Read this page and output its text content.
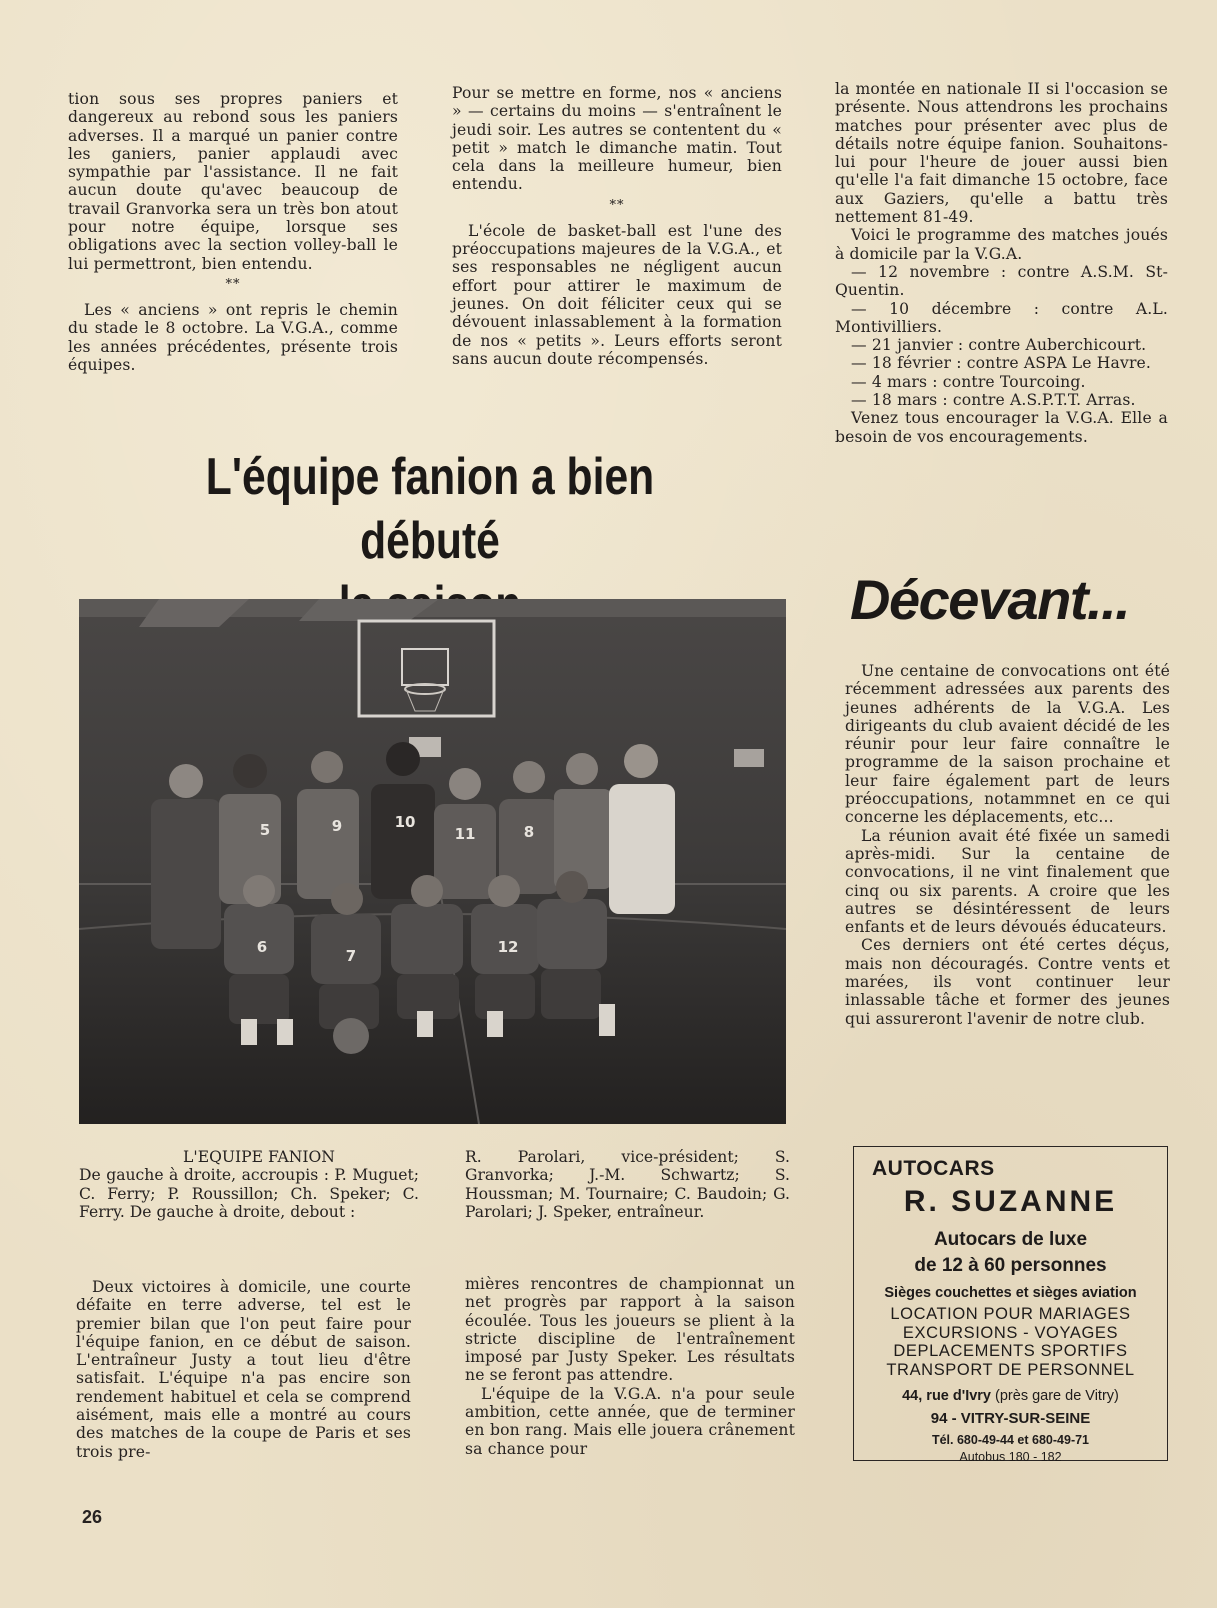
tion sous ses propres paniers et dangereux au rebond sous les paniers adverses. Il a marqué un panier contre les ganiers, panier applaudi avec sympathie par l'assistance. Il ne fait aucun doute qu'avec beaucoup de travail Granvorka sera un très bon atout pour notre équipe, lorsque ses obligations avec la section volley-ball le lui permettront, bien entendu.

**

Les « anciens » ont repris le chemin du stade le 8 octobre. La V.G.A., comme les années précédentes, présente trois équipes.

Pour se mettre en forme, nos « anciens » — certains du moins — s'entraînent le jeudi soir. Les autres se contentent du « petit » match le dimanche matin. Tout cela dans la meilleure humeur, bien entendu.

**

L'école de basket-ball est l'une des préoccupations majeures de la V.G.A., et ses responsables ne négligent aucun effort pour attirer le maximum de jeunes. On doit féliciter ceux qui se dévouent inlassablement à la formation de nos « petits ». Leurs efforts seront sans aucun doute récompensés.

la montée en nationale II si l'occasion se présente. Nous attendrons les prochains matches pour présenter avec plus de détails notre équipe fanion. Souhaitons-lui pour l'heure de jouer aussi bien qu'elle l'a fait dimanche 15 octobre, face aux Gaziers, qu'elle a battu très nettement 81-49.

Voici le programme des matches joués à domicile par la V.G.A.

— 12 novembre : contre A.S.M. St-Quentin.

— 10 décembre : contre A.L. Montivilliers.

— 21 janvier : contre Auberchicourt.

— 18 février : contre ASPA Le Havre.

— 4 mars : contre Tourcoing.

— 18 mars : contre A.S.P.T.T. Arras.

Venez tous encourager la V.G.A. Elle a besoin de vos encouragements.

L'équipe fanion a bien débuté
5	9	10
11	8
6	7	12
L'EQUIPE FANION
De gauche à droite, accroupis : P. Muguet; C. Ferry; P. Roussillon; Ch. Speker; C. Ferry. De gauche à droite, debout :
R. Parolari, vice-président; S. Granvorka; J.-M. Schwartz; S. Houssman; M. Tournaire; C. Baudoin; G. Parolari; J. Speker, entraîneur.

Deux victoires à domicile, une courte défaite en terre adverse, tel est le premier bilan que l'on peut faire pour l'équipe fanion, en ce début de saison. L'entraîneur Justy a tout lieu d'être satisfait. L'équipe n'a pas encire son rendement habituel et cela se comprend aisément, mais elle a montré au cours des matches de la coupe de Paris et ses trois pre-

mières rencontres de championnat un net progrès par rapport à la saison écoulée. Tous les joueurs se plient à la stricte discipline de l'entraînement imposé par Justy Speker. Les résultats ne se feront pas attendre.

L'équipe de la V.G.A. n'a pour seule ambition, cette année, que de terminer en bon rang. Mais elle jouera crânement sa chance pour

Décevant...

Une centaine de convocations ont été récemment adressées aux parents des jeunes adhérents de la V.G.A. Les dirigeants du club avaient décidé de les réunir pour leur faire connaître le programme de la saison prochaine et leur faire également part de leurs préoccupations, notammnet en ce qui concerne les déplacements, etc...

La réunion avait été fixée un samedi après-midi. Sur la centaine de convocations, il ne vint finalement que cinq ou six parents. A croire que les autres se désintéressent de leurs enfants et de leurs dévoués éducateurs.

Ces derniers ont été certes déçus, mais non découragés. Contre vents et marées, ils vont continuer leur inlassable tâche et former des jeunes qui assureront l'avenir de notre club.

AUTOCARS
R. SUZANNE
Autocars de luxe
de 12 à 60 personnes
Sièges couchettes et sièges aviation
LOCATION POUR MARIAGES
EXCURSIONS - VOYAGES
DEPLACEMENTS SPORTIFS
TRANSPORT DE PERSONNEL
44, rue d'Ivry (près gare de Vitry)
94 - VITRY-SUR-SEINE
Tél. 680-49-44 et 680-49-71
Autobus 180 - 182
26
